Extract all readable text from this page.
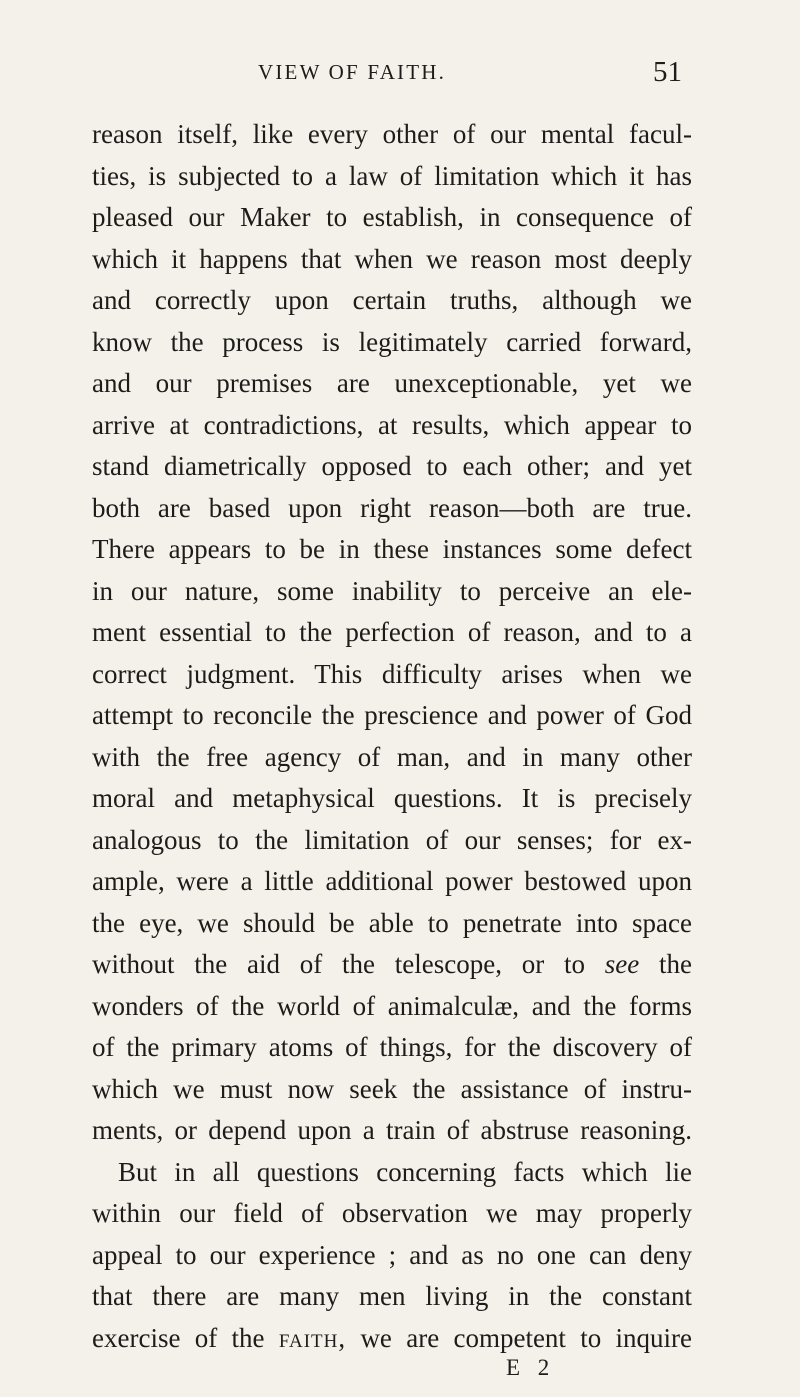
VIEW OF FAITH.	51
reason itself, like every other of our mental facul-
ties, is subjected to a law of limitation which it has
pleased our Maker to establish, in consequence of
which it happens that when we reason most deeply
and correctly upon certain truths, although we
know the process is legitimately carried forward,
and our premises are unexceptionable, yet we
arrive at contradictions, at results, which appear to
stand diametrically opposed to each other; and yet
both are based upon right reason—both are true.
There appears to be in these instances some defect
in our nature, some inability to perceive an ele-
ment essential to the perfection of reason, and to a
correct judgment. This difficulty arises when we
attempt to reconcile the prescience and power of God
with the free agency of man, and in many other
moral and metaphysical questions. It is precisely
analogous to the limitation of our senses; for ex-
ample, were a little additional power bestowed upon
the eye, we should be able to penetrate into space
without the aid of the telescope, or to see the
wonders of the world of animalculæ, and the forms
of the primary atoms of things, for the discovery of
which we must now seek the assistance of instru-
ments, or depend upon a train of abstruse reasoning.
But in all questions concerning facts which lie
within our field of observation we may properly
appeal to our experience ; and as no one can deny
that there are many men living in the constant
exercise of the faith, we are competent to inquire
E 2
